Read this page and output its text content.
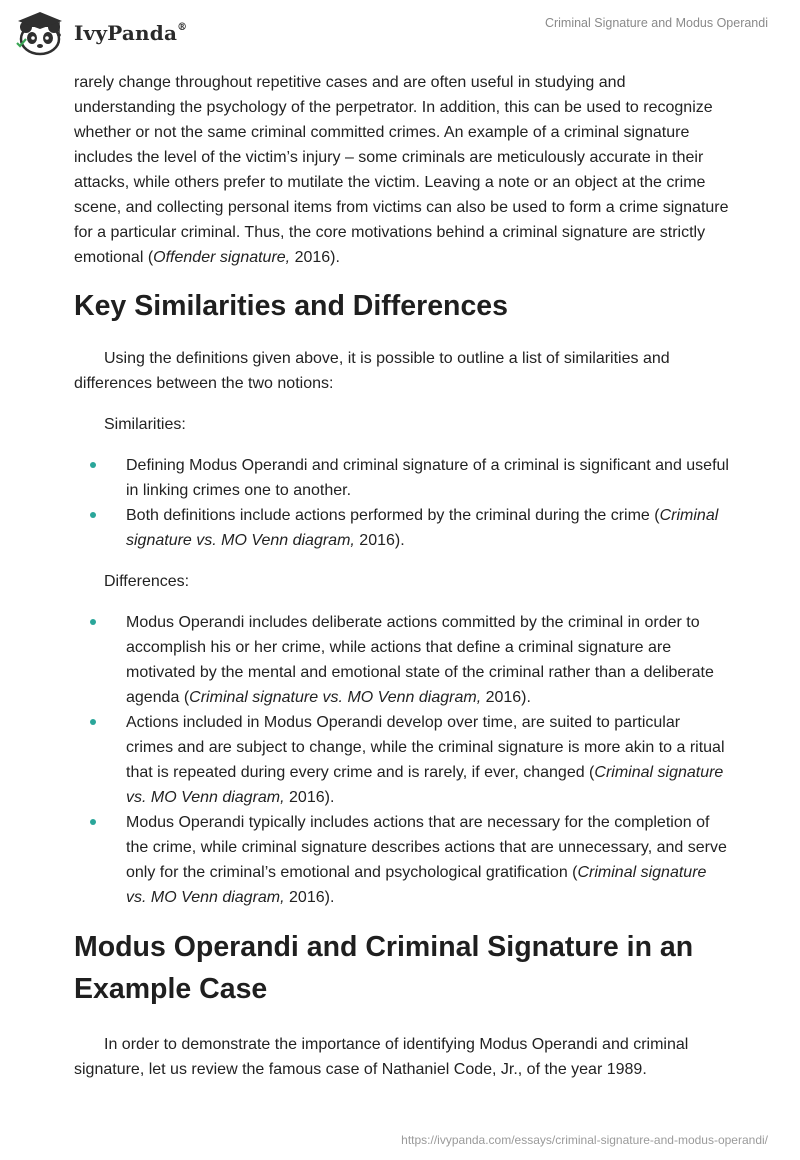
IvyPanda®	Criminal Signature and Modus Operandi

rarely change throughout repetitive cases and are often useful in studying and understanding the psychology of the perpetrator. In addition, this can be used to recognize whether or not the same criminal committed crimes. An example of a criminal signature includes the level of the victim’s injury – some criminals are meticulously accurate in their attacks, while others prefer to mutilate the victim. Leaving a note or an object at the crime scene, and collecting personal items from victims can also be used to form a crime signature for a particular criminal. Thus, the core motivations behind a criminal signature are strictly emotional (Offender signature, 2016).

Key Similarities and Differences

Using the definitions given above, it is possible to outline a list of similarities and differences between the two notions:

Similarities:
Defining Modus Operandi and criminal signature of a criminal is significant and useful in linking crimes one to another.
Both definitions include actions performed by the criminal during the crime (Criminal signature vs. MO Venn diagram, 2016).
Differences:
Modus Operandi includes deliberate actions committed by the criminal in order to accomplish his or her crime, while actions that define a criminal signature are motivated by the mental and emotional state of the criminal rather than a deliberate agenda (Criminal signature vs. MO Venn diagram, 2016).
Actions included in Modus Operandi develop over time, are suited to particular crimes and are subject to change, while the criminal signature is more akin to a ritual that is repeated during every crime and is rarely, if ever, changed (Criminal signature vs. MO Venn diagram, 2016).
Modus Operandi typically includes actions that are necessary for the completion of the crime, while criminal signature describes actions that are unnecessary, and serve only for the criminal’s emotional and psychological gratification (Criminal signature vs. MO Venn diagram, 2016).
Modus Operandi and Criminal Signature in an Example Case

In order to demonstrate the importance of identifying Modus Operandi and criminal signature, let us review the famous case of Nathaniel Code, Jr., of the year 1989.

https://ivypanda.com/essays/criminal-signature-and-modus-operandi/
